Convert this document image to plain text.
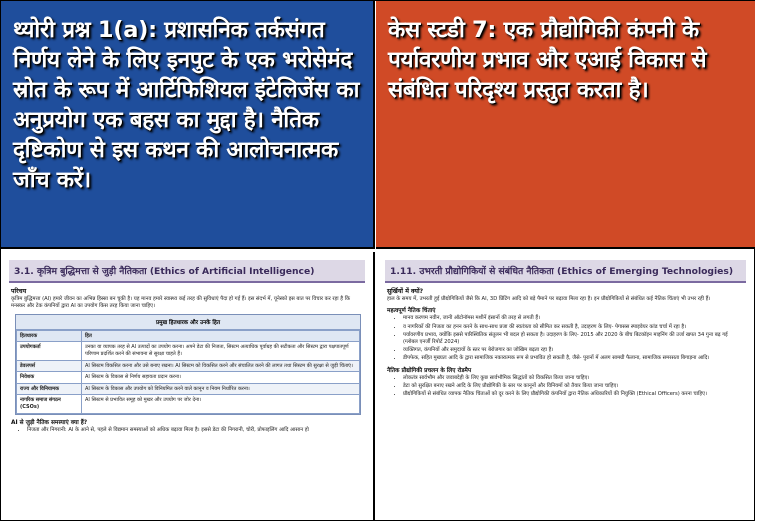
थ्योरी प्रश्न 1(a): प्रशासनिक तर्कसंगत निर्णय लेने के लिए इनपुट के एक भरोसेमंद स्रोत के रूप में आर्टिफिशियल इंटेलिजेंस का अनुप्रयोग एक बहस का मुद्दा है। नैतिक दृष्टिकोण से इस कथन की आलोचनात्मक जाँच करें।
केस स्टडी 7: एक प्रौद्योगिकी कंपनी के पर्यावरणीय प्रभाव और एआई विकास से संबंधित परिदृश्य प्रस्तुत करता है।
3.1. कृत्रिम बुद्धिमत्ता से जुड़ी नैतिकता (Ethics of Artificial Intelligence)
परिचय
कृत्रिम बुद्धिमत्ता (AI) हमारे जीवन का अभिन्न हिस्सा बन चुकी है। यह मानव हमारे स्वास्थ्य कई तरह की सुविधाएं पैदा हो गई हैं। इस संदर्भ में, यूनेस्को इस बात पर विचार कर रहा है कि मनस्कर और टेक कंपनियों द्वारा AI का उपयोग किस तरह किया जाना चाहिए।
प्रमुख हितधारक और उनके हित
हितधारक	हित
उपयोगकर्ता	उनका या व्यापक तरह से AI उत्पादों का उपयोग करना। अपने डेटा की निजता, सिस्टम अत्याधिक पूर्वाग्रह की सटीकता और सिस्टम द्वारा पक्षपातपूर्ण परिणाम प्रदर्शित करने की संभावना से सुरक्षा चाहते हैं।
डेवलपर्स	AI सिस्टम विकसित करना और उसे बनाए रखना। AI सिस्टम को विकसित करने और संचालित करने की लागत तथा सिस्टम की सुरक्षा से जुड़ी चिंताएं।
निवेशक	AI सिस्टम के विकास से निर्णय सहायता प्रदान करना।
राज्य और विनियामक	AI सिस्टम के विकास और उपयोग को विनियमित करने वाले कानून व नियम निर्धारित करना।
नागरिक समाज संगठन (CSOs)	AI सिस्टम से प्रभावित समूह को मुखर और उपयोग पर जोर देना।
AI से जुड़ी नैतिक समस्याएं क्या हैं?
• निजता और निगरानी: AI के आने से, पहले से विद्यमान समस्याओं को अधिक बढ़ावा मिला है। इससे डेटा की निगरानी, चोरी, प्रोफाइलिंग आदि आसान हो
1.11. उभरती प्रौद्योगिकियों से संबंधित नैतिकता (Ethics of Emerging Technologies)
सुर्खियों में क्यों?
हाल के समय में, उभरती हुई प्रौद्योगिकियों जैसे कि AI, 3D प्रिंटिंग आदि को बड़े पैमाने पर बढ़ावा मिला रहा है। इन प्रौद्योगिकियों से संबंधित कई नैतिक चिंताएं भी उभर रही हैं।
महत्वपूर्ण नैतिक चिंताएं
• मानव करणम नवीन, जानी ऑटोनॉमस मशीनें इंसानों की तरह से लगती हैं।
• व नागरिकों की निजता का हनन करने के साथ-साथ प्रजा की स्वतंत्रता को सीमित कर सकती है, उदाहरण के लिए- पेगासस स्पाइवेयर कांड चर्चा में रहा है।
• पर्यावरणीय प्रभाव, क्योंकि इससे पारिस्थितिक संतुलन भी बदल हो सकता है। उदाहरण के लिए- 2015 और 2020 के बीच बिटकॉइन माइनिंग की उर्जा खपत 34 गुना बढ़ गई (ग्लोबल एनर्जी रिपोर्ट 2024)
• व्यक्तिगत, कंपनियों और समुदायों के स्तर पर बेरोजगार का जोखिम बढ़ता रहा है।
• डीपफेक, सहित मुख्यतः आदि के द्वारा सामाजिक नकारात्मक रूप से प्रभावित हो सकती है, जैसे- पुरानों में अलग सामग्री फैलाना, सामाजिक समरसता बिगाड़ना आदि।
नैतिक प्रौद्योगिकी प्रचलन के लिए रोडमैप
• लोकतंत्र सार्वभौम और जवाबदेही के लिए कुछ सार्वभौमिक सिद्धांतों को विकसित किया जाना चाहिए।
• डेटा को सुरक्षित बनाए रखने आदि के लिए प्रौद्योगिकी के स्तर पर कानूनों और विनियमों को तैयार किया जाना चाहिए।
• प्रौद्योगिकियों से संबंधित व्यापक नैतिक चिंताओं को दूर करने के लिए प्रौद्योगिकी कंपनियों द्वारा नैतिक अधिकारियों की नियुक्ति (Ethical Officers) करना चाहिए।
